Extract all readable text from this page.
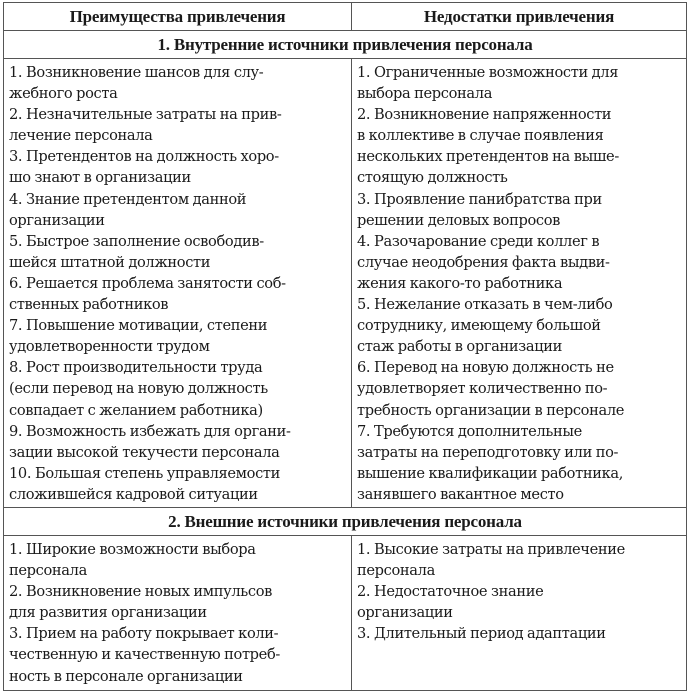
Преимущества привлечения	Недостатки привлечения
1. Внутренние источники привлечения персонала	

1. Возникновение шансов для слу-
жебного роста
2. Незначительные затраты на прив-
лечение персонала
3. Претендентов на должность хоро-
шо знают в организации
4. Знание претендентом данной
организации
5. Быстрое заполнение освободив-
шейся штатной должности
6. Решается проблема занятости соб-
ственных работников
7. Повышение мотивации, степени
удовлетворенности трудом
8. Рост производительности труда
(если перевод на новую должность
совпадает с желанием работника)
9. Возможность избежать для органи-
зации высокой текучести персонала
10. Большая степень управляемости
сложившейся кадровой ситуации

1. Ограниченные возможности для
выбора персонала
2. Возникновение напряженности
в коллективе в случае появления
нескольких претендентов на выше-
стоящую должность
3. Проявление панибратства при
решении деловых вопросов
4. Разочарование среди коллег в
случае неодобрения факта выдви-
жения какого-то работника
5. Нежелание отказать в чем-либо
сотруднику, имеющему большой
стаж работы в организации
6. Перевод на новую должность не
удовлетворяет количественно по-
требность организации в персонале
7. Требуются дополнительные
затраты на переподготовку или по-
вышение квалификации работника,
занявшего вакантное место

2. Внешние источники привлечения персонала	

1. Широкие возможности выбора
персонала
2. Возникновение новых импульсов
для развития организации
3. Прием на работу покрывает коли-
чественную и качественную потреб-
ность в персонале организации

1. Высокие затраты на привлечение
персонала
2. Недостаточное знание
организации
3. Длительный период адаптации
